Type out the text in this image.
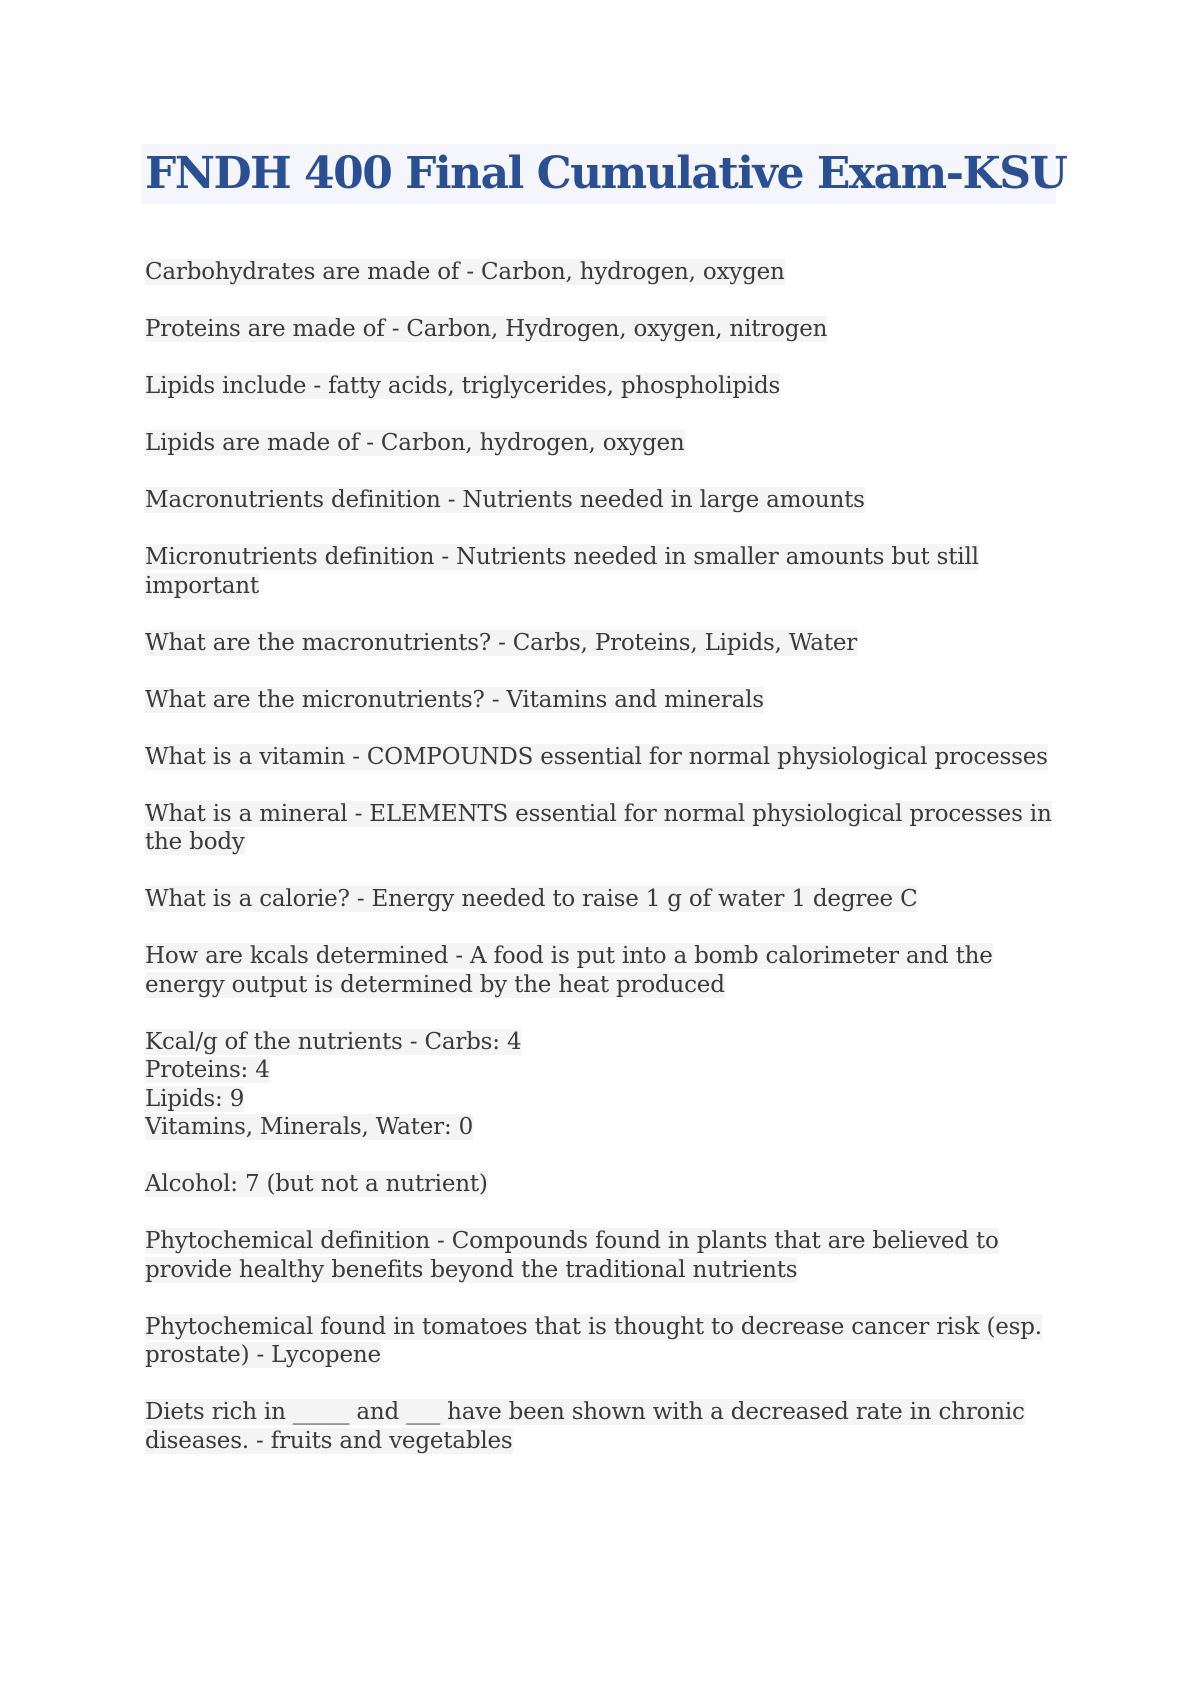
FNDH 400 Final Cumulative Exam-KSU

Carbohydrates are made of - Carbon, hydrogen, oxygen

Proteins are made of - Carbon, Hydrogen, oxygen, nitrogen

Lipids include - fatty acids, triglycerides, phospholipids

Lipids are made of - Carbon, hydrogen, oxygen

Macronutrients definition - Nutrients needed in large amounts

Micronutrients definition - Nutrients needed in smaller amounts but still important

What are the macronutrients? - Carbs, Proteins, Lipids, Water

What are the micronutrients? - Vitamins and minerals

What is a vitamin - COMPOUNDS essential for normal physiological processes

What is a mineral - ELEMENTS essential for normal physiological processes in the body

What is a calorie? - Energy needed to raise 1 g of water 1 degree C

How are kcals determined - A food is put into a bomb calorimeter and the energy output is determined by the heat produced

Kcal/g of the nutrients - Carbs: 4
Proteins: 4
Lipids: 9
Vitamins, Minerals, Water: 0

Alcohol: 7 (but not a nutrient)

Phytochemical definition - Compounds found in plants that are believed to provide healthy benefits beyond the traditional nutrients

Phytochemical found in tomatoes that is thought to decrease cancer risk (esp. prostate) - Lycopene

Diets rich in _____ and ___ have been shown with a decreased rate in chronic diseases. - fruits and vegetables
